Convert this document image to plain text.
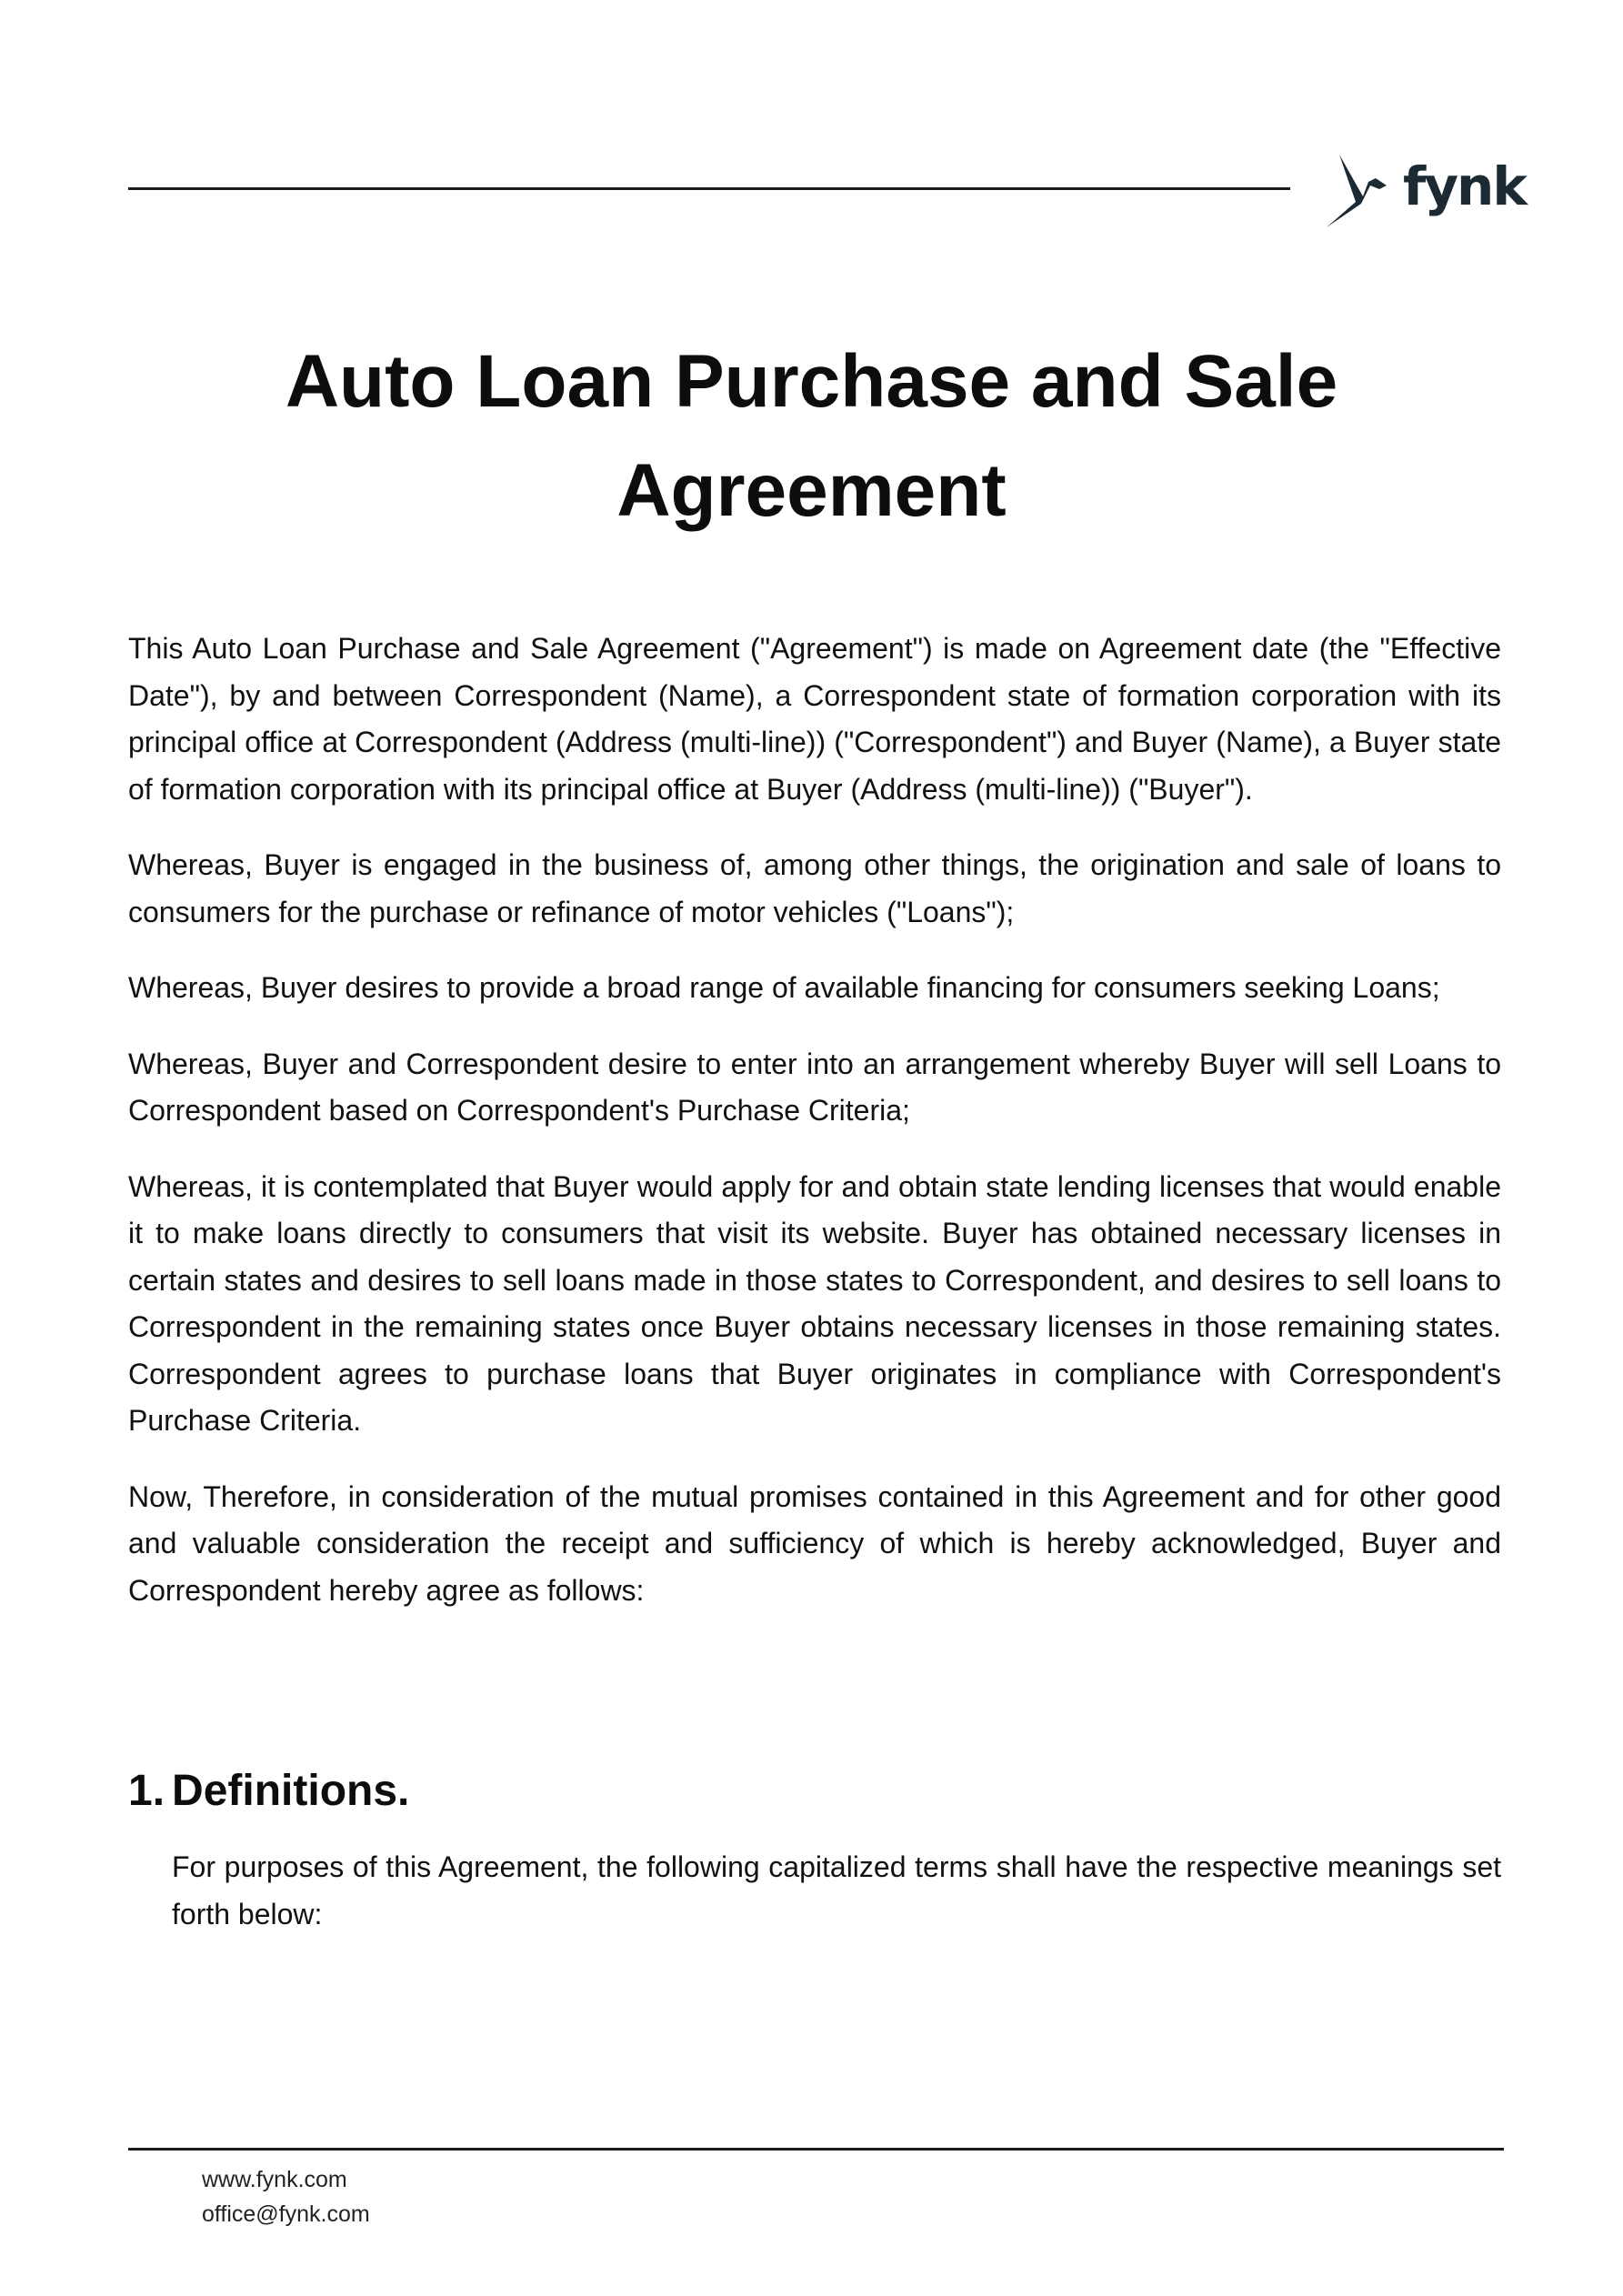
fynk
Auto Loan Purchase and Sale Agreement

This Auto Loan Purchase and Sale Agreement ("Agreement") is made on Agreement date (the "Effective Date"), by and between Correspondent (Name), a Correspondent state of formation corporation with its principal office at Correspondent (Address (multi-line)) ("Correspondent") and Buyer (Name), a Buyer state of formation corporation with its principal office at Buyer (Address (multi-line)) ("Buyer").

Whereas, Buyer is engaged in the business of, among other things, the origination and sale of loans to consumers for the purchase or refinance of motor vehicles ("Loans");

Whereas, Buyer desires to provide a broad range of available financing for consumers seeking Loans;

Whereas, Buyer and Correspondent desire to enter into an arrangement whereby Buyer will sell Loans to Correspondent based on Correspondent's Purchase Criteria;

Whereas, it is contemplated that Buyer would apply for and obtain state lending licenses that would enable it to make loans directly to consumers that visit its website. Buyer has obtained necessary licenses in certain states and desires to sell loans made in those states to Correspondent, and desires to sell loans to Correspondent in the remaining states once Buyer obtains necessary licenses in those remaining states. Correspondent agrees to purchase loans that Buyer originates in compliance with Correspondent's Purchase Criteria.

Now, Therefore, in consideration of the mutual promises contained in this Agreement and for other good and valuable consideration the receipt and sufficiency of which is hereby acknowledged, Buyer and Correspondent hereby agree as follows:

1. Definitions.

For purposes of this Agreement, the following capitalized terms shall have the respective meanings set forth below:

www.fynk.com
office@fynk.com
